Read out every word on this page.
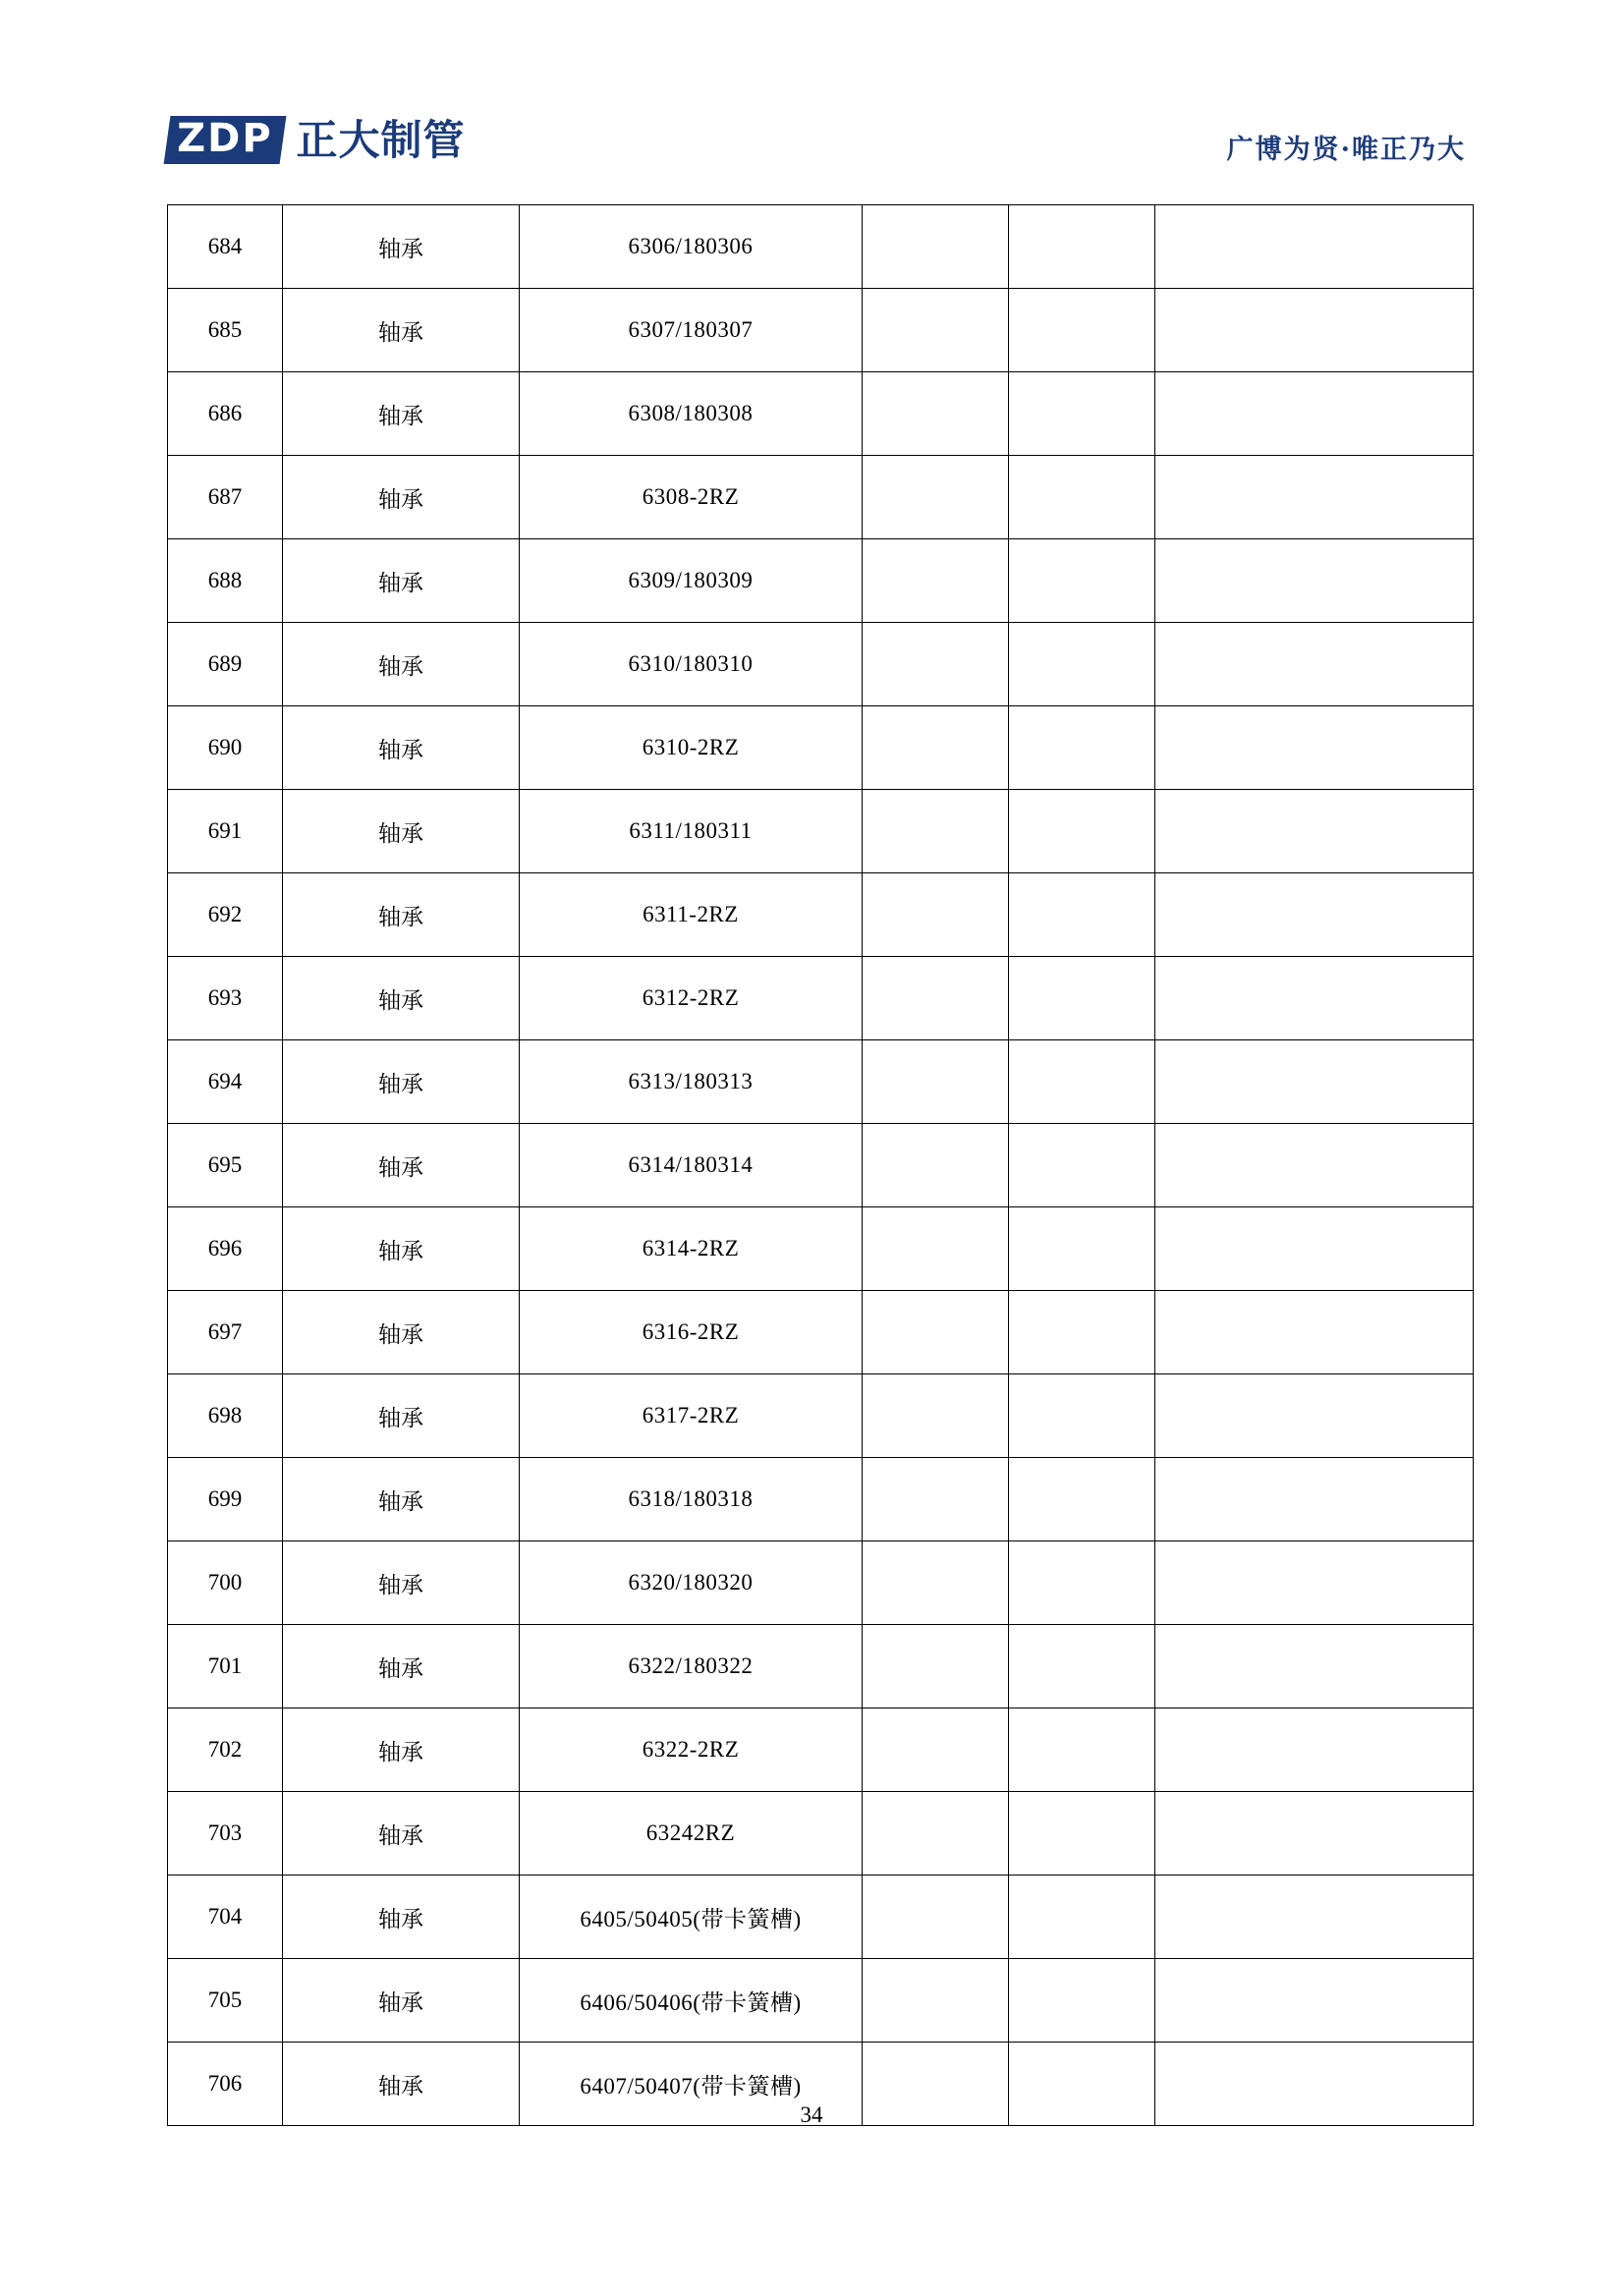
ZDP 正大制管	广博为贤·唯正乃大
684	轴承	6306/180306			
685	轴承	6307/180307			
686	轴承	6308/180308			
687	轴承	6308-2RZ			
688	轴承	6309/180309			
689	轴承	6310/180310			
690	轴承	6310-2RZ			
691	轴承	6311/180311			
692	轴承	6311-2RZ			
693	轴承	6312-2RZ			
694	轴承	6313/180313			
695	轴承	6314/180314			
696	轴承	6314-2RZ			
697	轴承	6316-2RZ			
698	轴承	6317-2RZ			
699	轴承	6318/180318			
700	轴承	6320/180320			
701	轴承	6322/180322			
702	轴承	6322-2RZ			
703	轴承	63242RZ			
704	轴承	6405/50405(带卡簧槽)			
705	轴承	6406/50406(带卡簧槽)			
706	轴承	6407/50407(带卡簧槽)			
34
